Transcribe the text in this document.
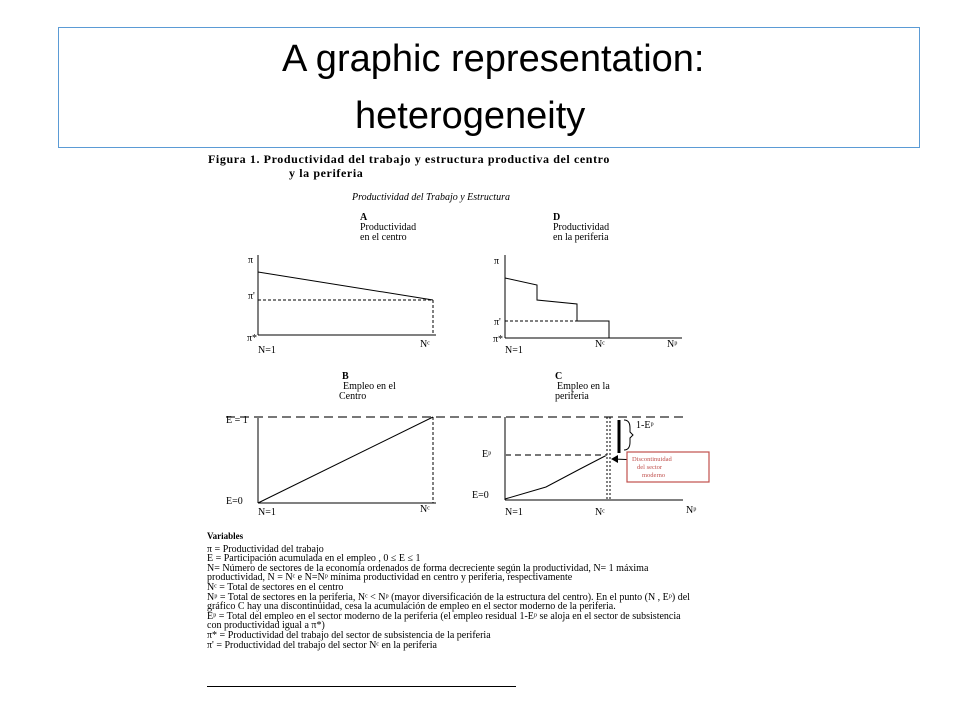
A graphic representation:
heterogeneity
Figura 1. Productividad del trabajo y estructura productiva del centro
y la periferia
Productividad del Trabajo y Estructura
A
Productividad
en el centro
D
Productividad
en la periferia
B
Empleo en el
Centro
C
Empleo en la
periferia
π
π'
π*
N=1
Nᶜ
π
π'
π*
N=1
Nᶜ	Nᵖ
E = 1
E=0
N=1	Nᶜ
Discontinuidad
del sector
moderno
1-Eᵖ
Eᵖ
E=0
N=1	Nᶜ	Nᵖ
Variables
π = Productividad del trabajo
E = Participación acumulada en el empleo , 0 ≤ E ≤ 1
N= Número de sectores de la economía ordenados de forma decreciente según la productividad, N= 1 máxima productividad, N = Nᶜ e N=Nᵖ mínima productividad en centro y periferia, respectivamente
Nᶜ = Total de sectores en el centro
Nᵖ = Total de sectores en la periferia, Nᶜ < Nᵖ (mayor diversificación de la estructura del centro). En el punto (N , Eᵖ) del gráfico C hay una discontinuidad, cesa la acumulación de empleo en el sector moderno de la periferia.
Eᵖ = Total del empleo en el sector moderno de la periferia (el empleo residual 1-Eᵖ se aloja en el sector de subsistencia con productividad igual a π*)
π* = Productividad del trabajo del sector de subsistencia de la periferia
π' = Productividad del trabajo del sector Nᶜ en la periferia
